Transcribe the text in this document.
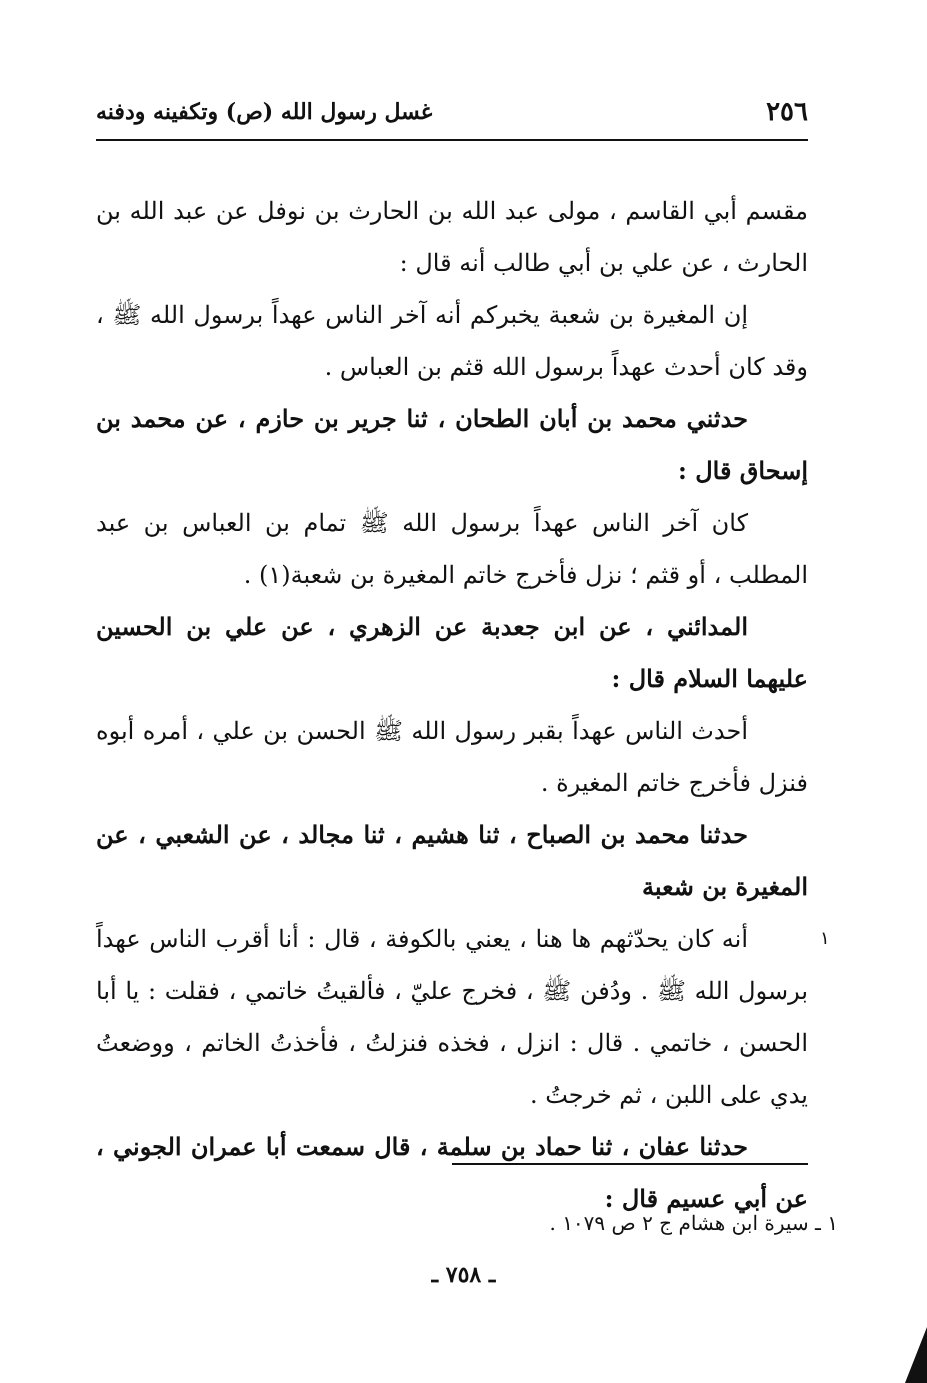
٢٥٦
غسل رسول الله (ص) وتكفينه ودفنه

مقسم أبي القاسم ، مولى عبد الله بن الحارث بن نوفل عن عبد الله بن الحارث ، عن علي بن أبي طالب أنه قال :

إن المغيرة بن شعبة يخبركم أنه آخر الناس عهداً برسول الله ﷺ ، وقد كان أحدث عهداً برسول الله قثم بن العباس .

حدثني محمد بن أبان الطحان ، ثنا جرير بن حازم ، عن محمد بن إسحاق قال :

كان آخر الناس عهداً برسول الله ﷺ تمام بن العباس بن عبد المطلب ، أو قثم ؛ نزل فأخرج خاتم المغيرة بن شعبة(١) .

المدائني ، عن ابن جعدبة عن الزهري ، عن علي بن الحسين عليهما السلام قال :

أحدث الناس عهداً بقبر رسول الله ﷺ الحسن بن علي ، أمره أبوه فنزل فأخرج خاتم المغيرة .

حدثنا محمد بن الصباح ، ثنا هشيم ، ثنا مجالد ، عن الشعبي ، عن المغيرة بن شعبة

أنه كان يحدّثهم ها هنا ، يعني بالكوفة ، قال : أنا أقرب الناس عهداً برسول الله ﷺ . ودُفن ﷺ ، فخرج عليّ ، فألقيتُ خاتمي ، فقلت : يا أبا الحسن ، خاتمي . قال : انزل ، فخذه فنزلتُ ، فأخذتُ الخاتم ، ووضعتُ يدي على اللبن ، ثم خرجتُ .

حدثنا عفان ، ثنا حماد بن سلمة ، قال سمعت أبا عمران الجوني ، عن أبي عسيم قال :

١
١ ـ سيرة ابن هشام ج ٢ ص ١٠٧٩ .
ـ ٧٥٨ ـ
